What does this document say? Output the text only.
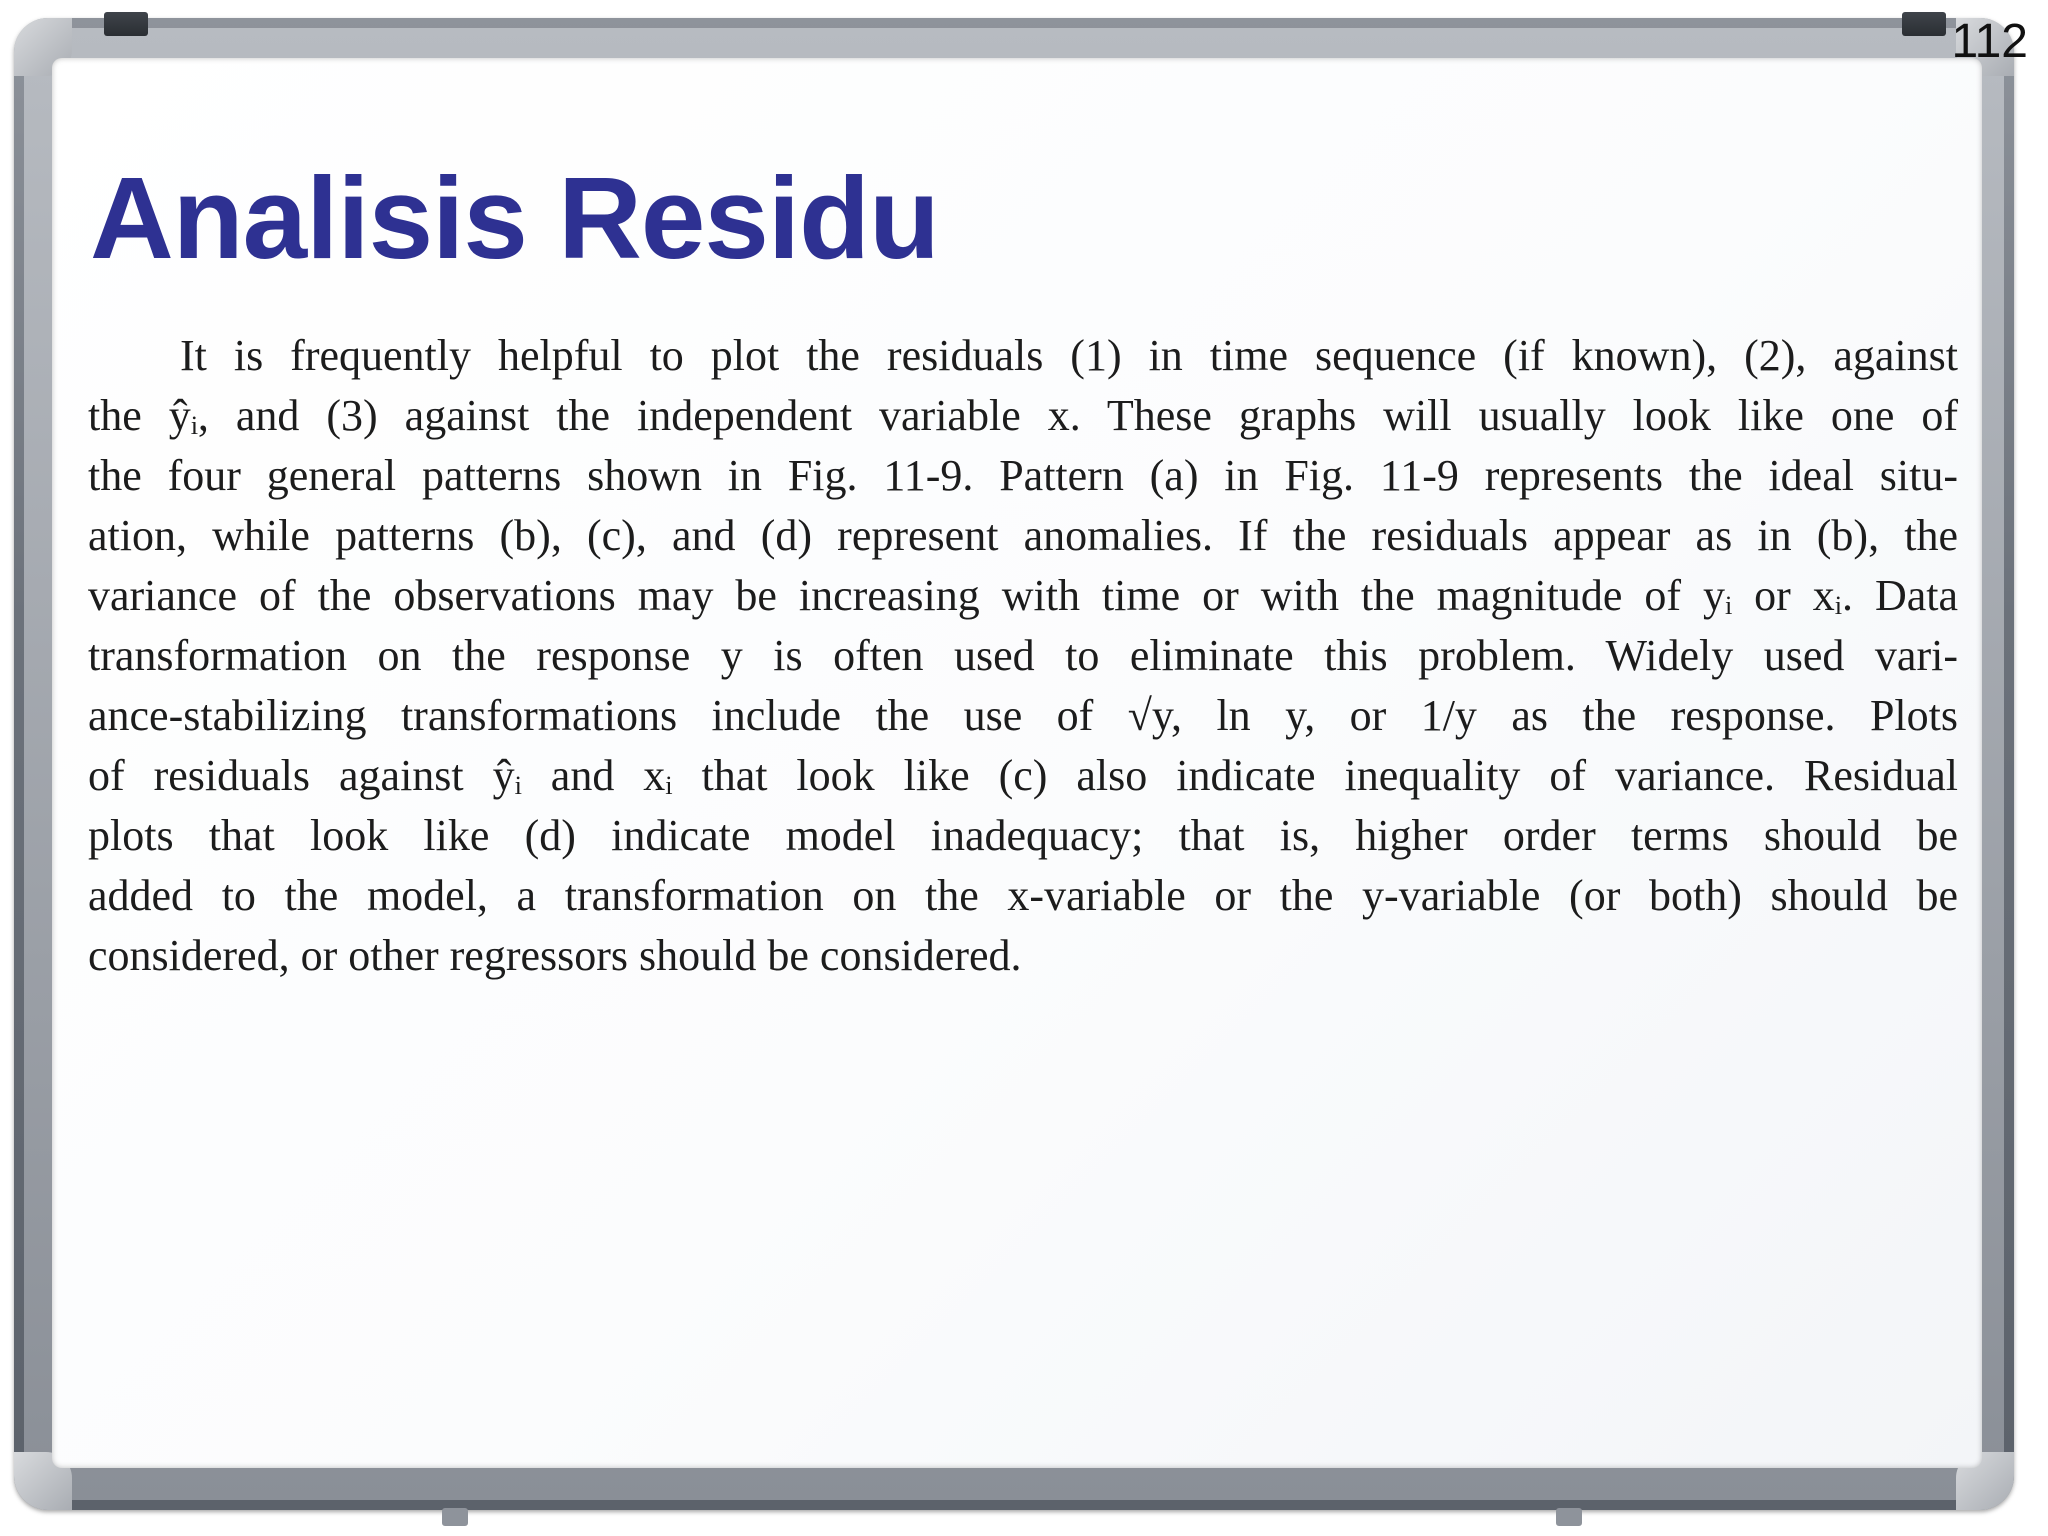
112
Analisis Residu
It is frequently helpful to plot the residuals (1) in time sequence (if known), (2), against
the ŷᵢ, and (3) against the independent variable x. These graphs will usually look like one of
the four general patterns shown in Fig. 11-9. Pattern (a) in Fig. 11-9 represents the ideal situ-
ation, while patterns (b), (c), and (d) represent anomalies. If the residuals appear as in (b), the
variance of the observations may be increasing with time or with the magnitude of yᵢ or xᵢ. Data
transformation on the response y is often used to eliminate this problem. Widely used vari-
ance-stabilizing transformations include the use of √y, ln y, or 1/y as the response. Plots
of residuals against ŷᵢ and xᵢ that look like (c) also indicate inequality of variance. Residual
plots that look like (d) indicate model inadequacy; that is, higher order terms should be
added to the model, a transformation on the x-variable or the y-variable (or both) should be
considered, or other regressors should be considered.
